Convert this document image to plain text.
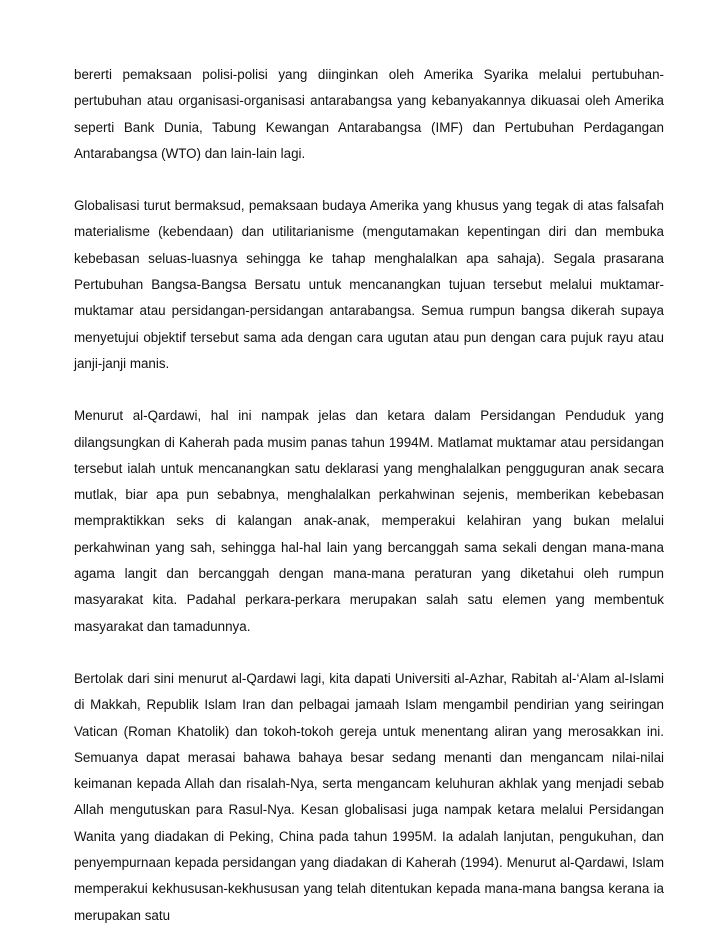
bererti pemaksaan polisi-polisi yang diinginkan oleh Amerika Syarika melalui pertubuhan-pertubuhan atau organisasi-organisasi antarabangsa yang kebanyakannya dikuasai oleh Amerika seperti Bank Dunia, Tabung Kewangan Antarabangsa (IMF) dan Pertubuhan Perdagangan Antarabangsa (WTO) dan lain-lain lagi.

Globalisasi turut bermaksud, pemaksaan budaya Amerika yang khusus yang tegak di atas falsafah materialisme (kebendaan) dan utilitarianisme (mengutamakan kepentingan diri dan membuka kebebasan seluas-luasnya sehingga ke tahap menghalalkan apa sahaja). Segala prasarana Pertubuhan Bangsa-Bangsa Bersatu untuk mencanangkan tujuan tersebut melalui muktamar-muktamar atau persidangan-persidangan antarabangsa. Semua rumpun bangsa dikerah supaya menyetujui objektif tersebut sama ada dengan cara ugutan atau pun dengan cara pujuk rayu atau janji-janji manis.

Menurut al-Qardawi, hal ini nampak jelas dan ketara dalam Persidangan Penduduk yang dilangsungkan di Kaherah pada musim panas tahun 1994M. Matlamat muktamar atau persidangan tersebut ialah untuk mencanangkan satu deklarasi yang menghalalkan pengguguran anak secara mutlak, biar apa pun sebabnya, menghalalkan perkahwinan sejenis, memberikan kebebasan mempraktikkan seks di kalangan anak-anak, memperakui kelahiran yang bukan melalui perkahwinan yang sah, sehingga hal-hal lain yang bercanggah sama sekali dengan mana-mana agama langit dan bercanggah dengan mana-mana peraturan yang diketahui oleh rumpun masyarakat kita. Padahal perkara-perkara merupakan salah satu elemen yang membentuk masyarakat dan tamadunnya.

Bertolak dari sini menurut al-Qardawi lagi, kita dapati Universiti al-Azhar, Rabitah al-‘Alam al-Islami di Makkah, Republik Islam Iran dan pelbagai jamaah Islam mengambil pendirian yang seiringan Vatican (Roman Khatolik) dan tokoh-tokoh gereja untuk menentang aliran yang merosakkan ini. Semuanya dapat merasai bahawa bahaya besar sedang menanti dan mengancam nilai-nilai keimanan kepada Allah dan risalah-Nya, serta mengancam keluhuran akhlak yang menjadi sebab Allah mengutuskan para Rasul-Nya. Kesan globalisasi juga nampak ketara melalui Persidangan Wanita yang diadakan di Peking, China pada tahun 1995M. Ia adalah lanjutan, pengukuhan, dan penyempurnaan kepada persidangan yang diadakan di Kaherah (1994). Menurut al-Qardawi, Islam memperakui kekhususan-kekhususan yang telah ditentukan kepada mana-mana bangsa kerana ia merupakan satu
